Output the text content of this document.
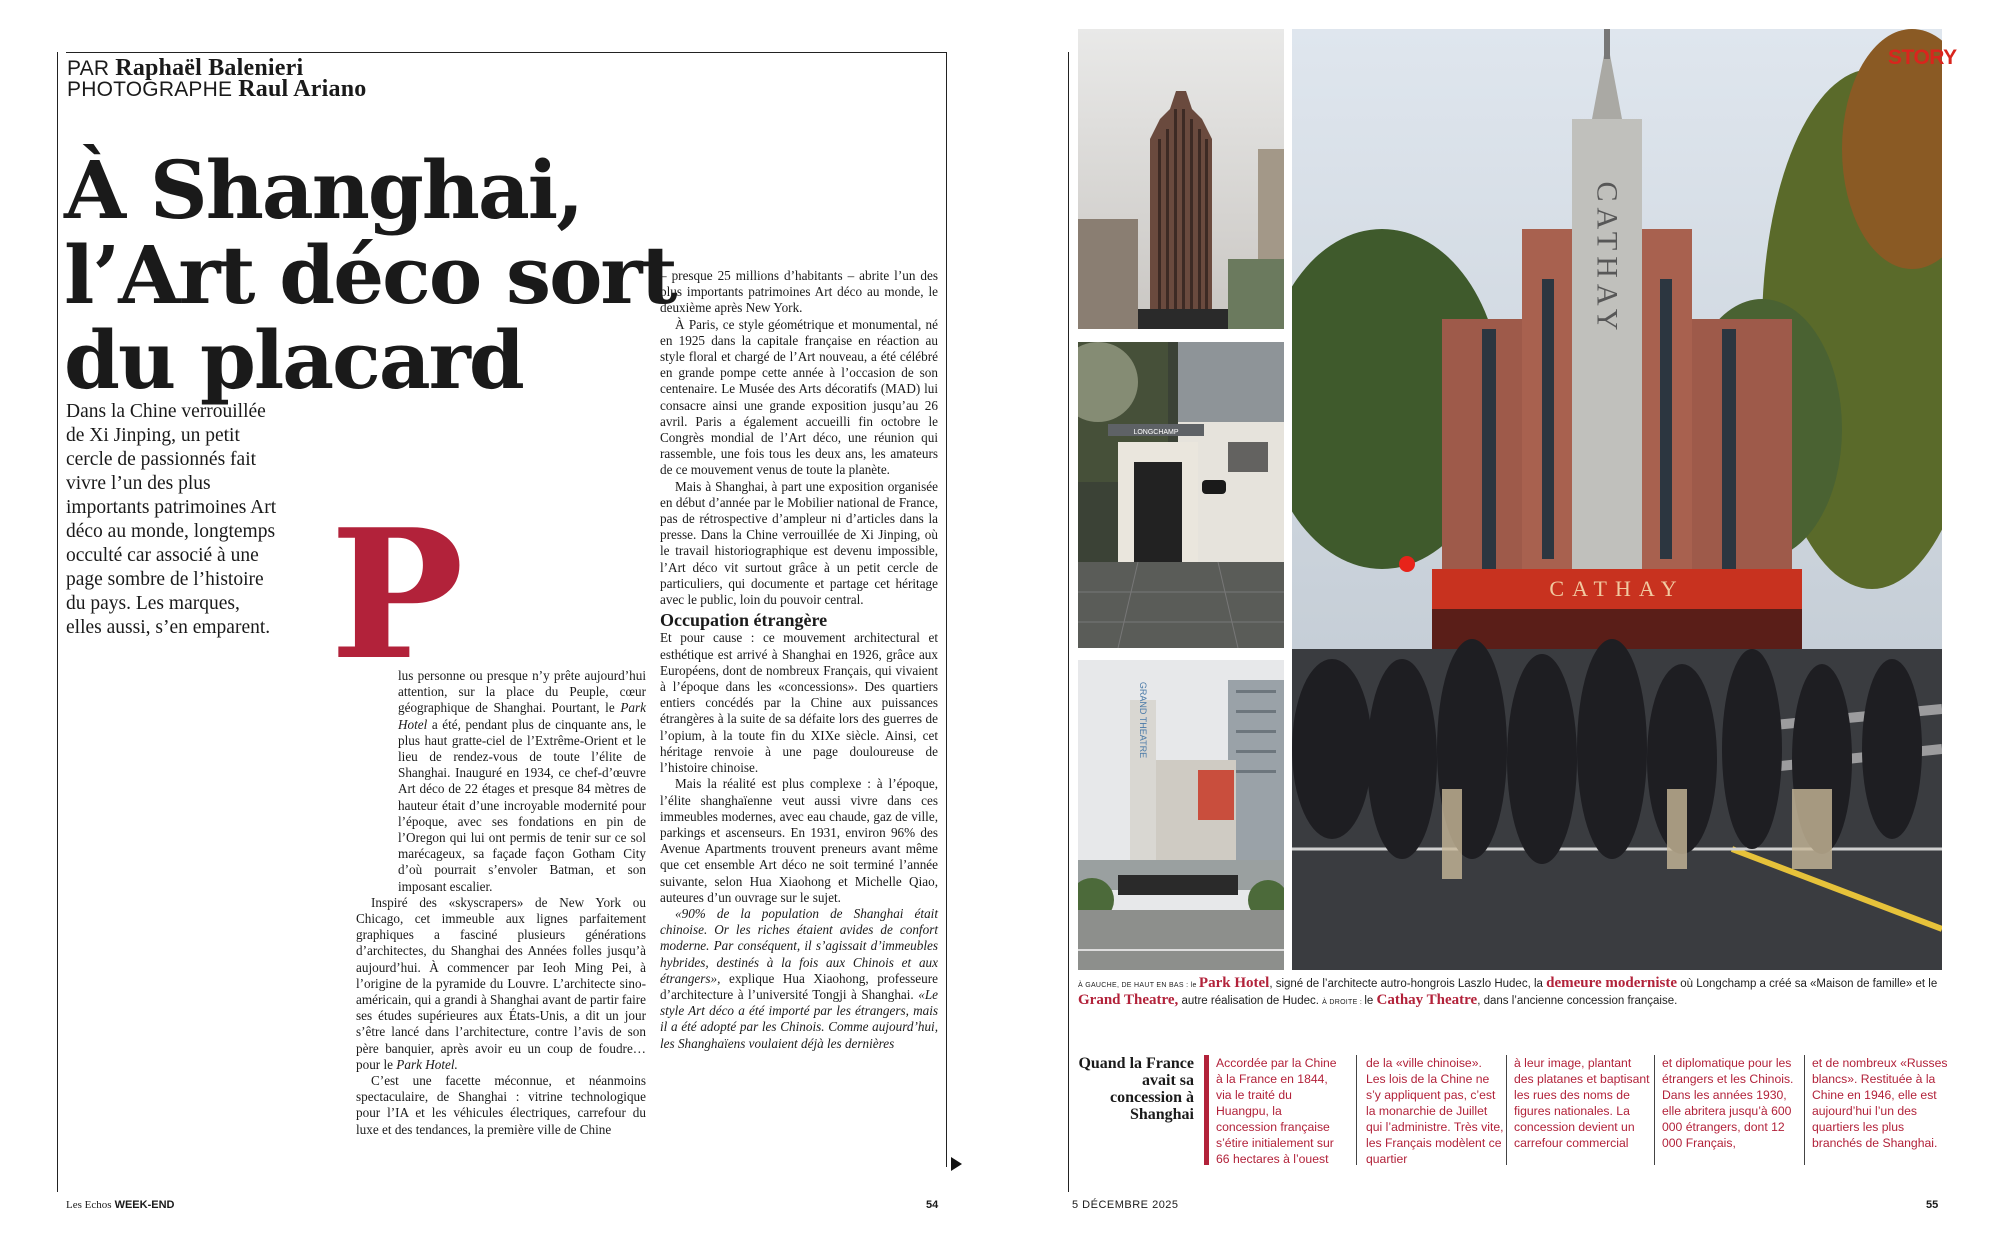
PAR Raphaël Balenieri
PHOTOGRAPHE Raul Ariano
À Shanghai,
l’Art déco sort
du placard
Dans la Chine verrouillée de Xi Jinping, un petit cercle de passionnés fait vivre l’un des plus importants patrimoines Art déco au monde, longtemps occulté car associé à une page sombre de l’histoire du pays. Les marques, elles aussi, s’en emparent. P

lus personne ou presque n’y prête aujourd’hui attention, sur la place du Peuple, cœur géographique de Shanghai. Pourtant, le Park Hotel a été, pendant plus de cinquante ans, le plus haut gratte-ciel de l’Extrême-Orient et le lieu de rendez-vous de toute l’élite de Shanghai. Inauguré en 1934, ce chef-d’œuvre Art déco de 22 étages et presque 84 mètres de hauteur était d’une incroyable modernité pour l’époque, avec ses fondations en pin de l’Oregon qui lui ont permis de tenir sur ce sol marécageux, sa façade façon Gotham City d’où pourrait s’envoler Batman, et son imposant escalier.

Inspiré des «skyscrapers» de New York ou Chicago, cet immeuble aux lignes parfaitement graphiques a fasciné plusieurs générations d’architectes, du Shanghai des Années folles jusqu’à aujourd’hui. À commencer par Ieoh Ming Pei, à l’origine de la pyramide du Louvre. L’architecte sino-américain, qui a grandi à Shanghai avant de partir faire ses études supérieures aux États-Unis, a dit un jour s’être lancé dans l’architecture, contre l’avis de son père banquier, après avoir eu un coup de foudre… pour le Park Hotel.

C’est une facette méconnue, et néanmoins spectaculaire, de Shanghai : vitrine technologique pour l’IA et les véhicules électriques, carrefour du luxe et des tendances, la première ville de Chine

– presque 25 millions d’habitants – abrite l’un des plus importants patrimoines Art déco au monde, le deuxième après New York.

À Paris, ce style géométrique et monumental, né en 1925 dans la capitale française en réaction au style floral et chargé de l’Art nouveau, a été célébré en grande pompe cette année à l’occasion de son centenaire. Le Musée des Arts décoratifs (MAD) lui consacre ainsi une grande exposition jusqu’au 26 avril. Paris a également accueilli fin octobre le Congrès mondial de l’Art déco, une réunion qui rassemble, une fois tous les deux ans, les amateurs de ce mouvement venus de toute la planète.

Mais à Shanghai, à part une exposition organisée en début d’année par le Mobilier national de France, pas de rétrospective d’ampleur ni d’articles dans la presse. Dans la Chine verrouillée de Xi Jinping, où le travail historiographique est devenu impossible, l’Art déco vit surtout grâce à un petit cercle de particuliers, qui documente et partage cet héritage avec le public, loin du pouvoir central.

Occupation étrangère

Et pour cause : ce mouvement architectural et esthétique est arrivé à Shanghai en 1926, grâce aux Européens, dont de nombreux Français, qui vivaient à l’époque dans les «concessions». Des quartiers entiers concédés par la Chine aux puissances étrangères à la suite de sa défaite lors des guerres de l’opium, à la toute fin du XIXe siècle. Ainsi, cet héritage renvoie à une page douloureuse de l’histoire chinoise.

Mais la réalité est plus complexe : à l’époque, l’élite shanghaïenne veut aussi vivre dans ces immeubles modernes, avec eau chaude, gaz de ville, parkings et ascenseurs. En 1931, environ 96% des Avenue Apartments trouvent preneurs avant même que cet ensemble Art déco ne soit terminé l’année suivante, selon Hua Xiaohong et Michelle Qiao, auteures d’un ouvrage sur le sujet.

«90% de la population de Shanghai était chinoise. Or les riches étaient avides de confort moderne. Par conséquent, il s’agissait d’immeubles hybrides, destinés à la fois aux Chinois et aux étrangers», explique Hua Xiaohong, professeure d’architecture à l’université Tongji à Shanghai. «Le style Art déco a été importé par les étrangers, mais il a été adopté par les Chinois. Comme aujourd’hui, les Shanghaïens voulaient déjà les dernières

Les Echos WEEK-END	54
LONGCHAMP
GRAND THEATRE
CATHAY
CATHAY
STORY
À GAUCHE, DE HAUT EN BAS : le Park Hotel, signé de l’architecte autro-hongrois Laszlo Hudec, la demeure moderniste où Longchamp a créé sa «Maison de famille» et le Grand Theatre, autre réalisation de Hudec. À DROITE : le Cathay Theatre, dans l’ancienne concession française.
Quand la France avait sa concession à Shanghai
Accordée par la Chine à la France en 1844, via le traité du Huangpu, la concession française s’étire initialement sur 66 hectares à l’ouest
de la «ville chinoise». Les lois de la Chine ne s’y appliquent pas, c’est la monarchie de Juillet qui l’administre. Très vite, les Français modèlent ce quartier
à leur image, plantant des platanes et baptisant les rues des noms de figures nationales. La concession devient un carrefour commercial
et diplomatique pour les étrangers et les Chinois. Dans les années 1930, elle abritera jusqu’à 600 000 étrangers, dont 12 000 Français,
et de nombreux «Russes blancs». Restituée à la Chine en 1946, elle est aujourd’hui l’un des quartiers les plus branchés de Shanghai.
5 DÉCEMBRE 2025	55
